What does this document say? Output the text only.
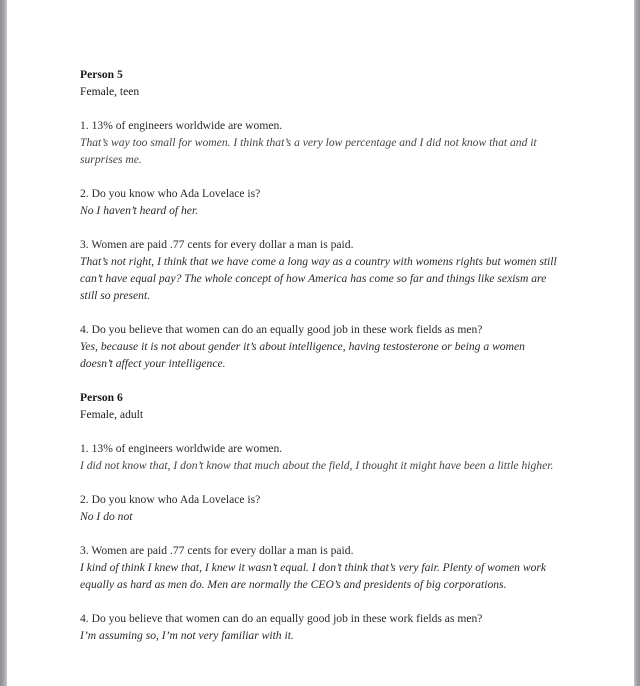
Person 5
Female, teen
1. 13% of engineers worldwide are women.
That’s way too small for women. I think that’s a very low percentage and I did not know that and it surprises me.
2. Do you know who Ada Lovelace is?
No I haven’t heard of her.
3. Women are paid .77 cents for every dollar a man is paid.
That’s not right, I think that we have come a long way as a country with womens rights but women still can’t have equal pay? The whole concept of how America has come so far and things like sexism are still so present.
4. Do you believe that women can do an equally good job in these work fields as men?
Yes, because it is not about gender it’s about intelligence, having testosterone or being a women doesn’t affect your intelligence.
Person 6
Female, adult
1. 13% of engineers worldwide are women.
I did not know that, I don’t know that much about the field, I thought it might have been a little higher.
2. Do you know who Ada Lovelace is?
No I do not
3. Women are paid .77 cents for every dollar a man is paid.
I kind of think I knew that, I knew it wasn’t equal. I don’t think that’s very fair. Plenty of women work equally as hard as men do. Men are normally the CEO’s and presidents of big corporations.
4. Do you believe that women can do an equally good job in these work fields as men?
I’m assuming so, I’m not very familiar with it.
